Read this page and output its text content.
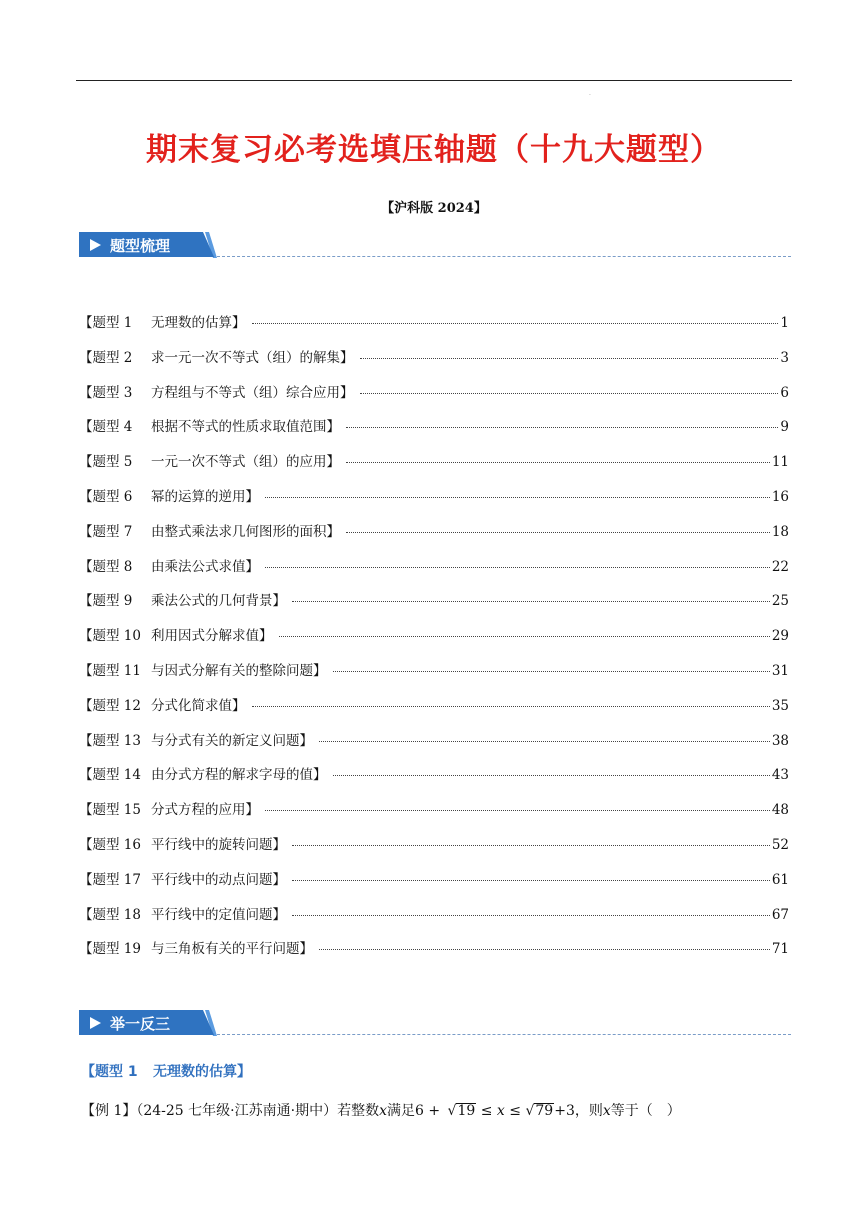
·
期末复习必考选填压轴题（十九大题型）
【沪科版 2024】
题型梳理
【题型 1	无理数的估算】	1
【题型 2	求一元一次不等式（组）的解集】	3
【题型 3	方程组与不等式（组）综合应用】	6
【题型 4	根据不等式的性质求取值范围】	9
【题型 5	一元一次不等式（组）的应用】	11
【题型 6	幂的运算的逆用】	16
【题型 7	由整式乘法求几何图形的面积】	18
【题型 8	由乘法公式求值】	22
【题型 9	乘法公式的几何背景】	25
【题型 10 利用因式分解求值】	29
【题型 11 与因式分解有关的整除问题】	31
【题型 12 分式化简求值】	35
【题型 13 与分式有关的新定义问题】	38
【题型 14 由分式方程的解求字母的值】	43
【题型 15 分式方程的应用】	48
【题型 16 平行线中的旋转问题】	52
【题型 17 平行线中的动点问题】	61
【题型 18 平行线中的定值问题】	67
【题型 19 与三角板有关的平行问题】	71
举一反三
【题型 1 无理数的估算】
【例 1】（24-25 七年级·江苏南通·期中）若整数x满足6 + √19 ≤ x ≤ √79+3，则x等于（　）
